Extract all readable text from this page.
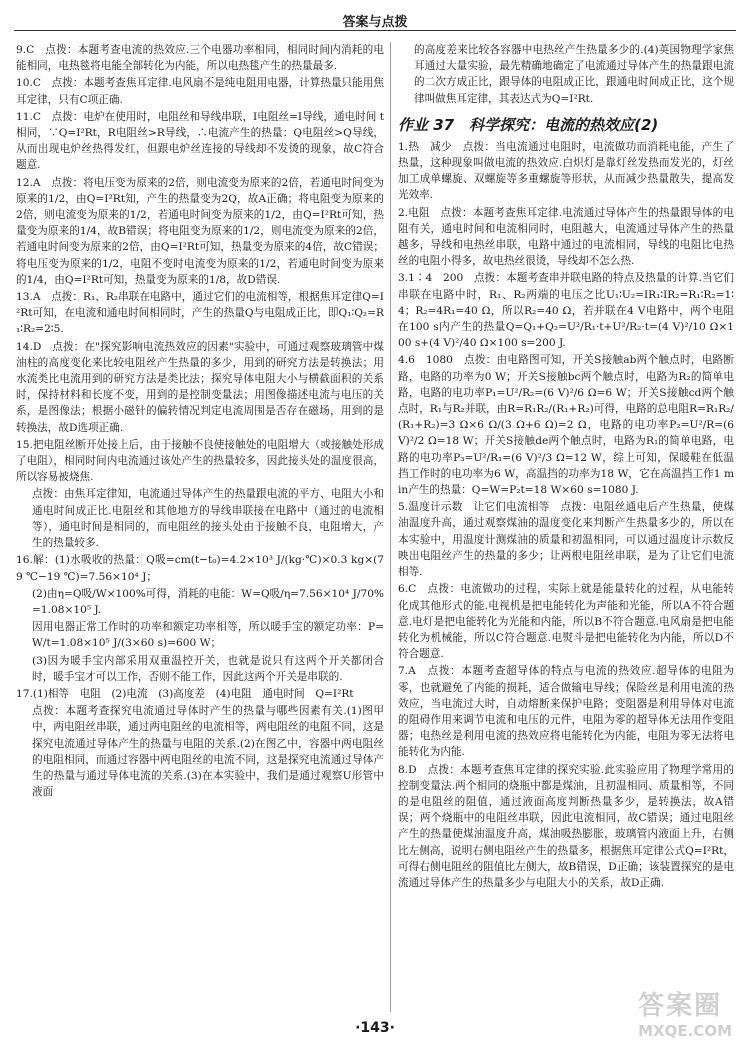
答案与点拨
9.C　点拨：本题考查电流的热效应.三个电器功率相同，相同时间内消耗的电能相同，电热毯将电能全部转化为内能，所以电热毯产生的热量最多.
10.C　点拨：本题考查焦耳定律.电风扇不是纯电阻用电器，计算热量只能用焦耳定律，只有C项正确.
11.C　点拨：电炉在使用时，电阻丝和导线串联，I电阻丝=I导线，通电时间 t 相同，∵Q=I²Rt，R电阻丝>R导线，∴电流产生的热量：Q电阻丝>Q导线，从而出现电炉丝热得发红，但跟电炉丝连接的导线却不发烫的现象，故C符合题意.
12.A　点拨：将电压变为原来的2倍，则电流变为原来的2倍，若通电时间变为原来的1/2，由Q=I²Rt知，产生的热量变为2Q，故A正确；将电阻变为原来的2倍，则电流变为原来的1/2，若通电时间变为原来的1/2，由Q=I²Rt可知，热量变为原来的1/4，故B错误；将电阻变为原来的1/2，则电流变为原来的2倍，若通电时间变为原来的2倍，由Q=I²Rt可知，热量变为原来的4倍，故C错误；将电压变为原来的1/2，电阻不变时电流变为原来的1/2，若通电时间变为原来的1/4，由Q=I²Rt可知，热量变为原来的1/8，故D错误.
13.A　点拨：R₁、R₂串联在电路中，通过它们的电流相等，根据焦耳定律Q=I²Rt可知，在电流和通电时间相同时，产生的热量Q与电阻成正比，即Q₁∶Q₂=R₁∶R₂=2∶5.
14.D　点拨：在"探究影响电流热效应的因素"实验中，可通过观察玻璃管中煤油柱的高度变化来比较电阻丝产生热量的多少，用到的研究方法是转换法；用水流类比电流用到的研究方法是类比法；探究导体电阻大小与横截面积的关系时，保持材料和长度不变，用到的是控制变量法；用图像描述电流与电压的关系，是图像法；根据小磁针的偏转情况判定电流周围是否存在磁场，用到的是转换法，故D选项正确.
15.把电阻丝断开处接上后，由于接触不良使接触处的电阻增大（或接触处形成了电阻），相同时间内电流通过该处产生的热量较多，因此接头处的温度很高，所以容易被烧焦.
点拨：由焦耳定律知，电流通过导体产生的热量跟电流的平方、电阻大小和通电时间成正比.电阻丝和其他地方的导线串联接在电路中（通过的电流相等），通电时间是相同的，而电阻丝的接头处由于接触不良，电阻增大，产生的热量较多.
16.解：(1)水吸收的热量：Q吸=cm(t−t₀)=4.2×10³ J/(kg·℃)×0.3 kg×(79 ℃−19 ℃)=7.56×10⁴ J；
(2)由η=Q吸/W×100%可得，消耗的电能：W=Q吸/η=7.56×10⁴ J/70%=1.08×10⁵ J.
因用电器正常工作时的功率和额定功率相等，所以暖手宝的额定功率：P=W/t=1.08×10⁵ J/(3×60 s)=600 W；
(3)因为暖手宝内部采用双重温控开关，也就是说只有这两个开关都闭合时，暖手宝才可以工作，否则不能工作，因此这两个开关是串联的.
17.(1)相等　电阻　(2)电流　(3)高度差　(4)电阻　通电时间　Q=I²Rt
点拨：本题考查探究电流通过导体时产生的热量与哪些因素有关.(1)图甲中，两电阻丝串联，通过两电阻丝的电流相等，两电阻丝的电阻不同，这是探究电流通过导体产生的热量与电阻的关系.(2)在图乙中，容器中两电阻丝的电阻相同，而通过容器中两电阻丝的电流不同，这是探究电流通过导体产生的热量与通过导体电流的关系.(3)在本实验中，我们是通过观察U形管中液面
的高度差来比较各容器中电热丝产生热量多少的.(4)英国物理学家焦耳通过大量实验，最先精确地确定了电流通过导体产生的热量跟电流的二次方成正比，跟导体的电阻成正比，跟通电时间成正比，这个规律叫做焦耳定律，其表达式为Q=I²Rt.
作业 37　科学探究：电流的热效应(2)
1.热　减少　点拨：当电流通过电阻时，电流做功而消耗电能，产生了热量，这种现象叫做电流的热效应.白炽灯是靠灯丝发热而发光的，灯丝加工成单螺旋、双螺旋等多重螺旋等形状，从而减少热量散失，提高发光效率.
2.电阻　点拨：本题考查焦耳定律.电流通过导体产生的热量跟导体的电阻有关，通电时间和电流相同时，电阻越大，电流通过导体产生的热量越多，导线和电热丝串联，电路中通过的电流相同，导线的电阻比电热丝的电阻小得多，故电热丝很烫，导线却不怎么热.
3.1∶4　200　点拨：本题考查串并联电路的特点及热量的计算.当它们串联在电路中时，R₁、R₂两端的电压之比U₁∶U₂=IR₁∶IR₂=R₁∶R₂=1∶4；R₂=4R₁=40 Ω，所以R₂=40 Ω，若并联在4 V电路中，两个电阻在100 s内产生的热量Q=Q₁+Q₂=U²/R₁·t+U²/R₂·t=(4 V)²/10 Ω×100 s+(4 V)²/40 Ω×100 s=200 J.
4.6　1080　点拨：由电路图可知，开关S接触ab两个触点时，电路断路，电路的功率为0 W；开关S接触bc两个触点时，电路为R₂的简单电路，电路的电功率P₁=U²/R₂=(6 V)²/6 Ω=6 W；开关S接触cd两个触点时，R₁与R₂并联，由R=R₁R₂/(R₁+R₂)可得，电路的总电阻R=R₁R₂/(R₁+R₂)=3 Ω×6 Ω/(3 Ω+6 Ω)=2 Ω，电路的电功率P₂=U²/R=(6 V)²/2 Ω=18 W；开关S接触de两个触点时，电路为R₁的简单电路，电路的电功率P₃=U²/R₁=(6 V)²/3 Ω=12 W，综上可知，保暖鞋在低温挡工作时的电功率为6 W，高温挡的功率为18 W，它在高温挡工作1 min产生的热量：Q=W=P₂t=18 W×60 s=1080 J.
5.温度计示数　让它们电流相等　点拨：电阻丝通电后产生热量，使煤油温度升高，通过观察煤油的温度变化来判断产生热量多少的，所以在本实验中，用温度计测煤油的质量和初温相同，可以通过温度计示数反映出电阻丝产生的热量的多少；让两根电阻丝串联，是为了让它们电流相等.
6.C　点拨：电流做功的过程，实际上就是能量转化的过程，从电能转化成其他形式的能.电视机是把电能转化为声能和光能，所以A不符合题意.电灯是把电能转化为光能和内能，所以B不符合题意.电风扇是把电能转化为机械能，所以C符合题意.电熨斗是把电能转化为内能，所以D不符合题意.
7.A　点拨：本题考查超导体的特点与电流的热效应.超导体的电阻为零，也就避免了内能的损耗，适合做输电导线；保险丝是利用电流的热效应，当电流过大时，自动熔断来保护电路；变阻器是利用导体对电流的阻碍作用来调节电流和电压的元件，电阻为零的超导体无法用作变阻器；电热丝是利用电流的热效应将电能转化为内能，电阻为零无法将电能转化为内能.
8.D　点拨：本题考查焦耳定律的探究实验.此实验应用了物理学常用的控制变量法.两个相同的烧瓶中都是煤油，且初温相同、质量相等，不同的是电阻丝的阻值，通过液面高度判断热量多少，是转换法，故A错误；两个烧瓶中的电阻丝串联，因此电流相同，故C错误；通过电阻丝产生的热量使煤油温度升高，煤油吸热膨胀，玻璃管内液面上升，右侧比左侧高，说明右侧电阻丝产生的热量多，根据焦耳定律公式Q=I²Rt，可得右侧电阻丝的阻值比左侧大，故B错误，D正确；该装置探究的是电流通过导体产生的热量多少与电阻大小的关系，故D正确.
·143·
答案圈
MXQE.COM
